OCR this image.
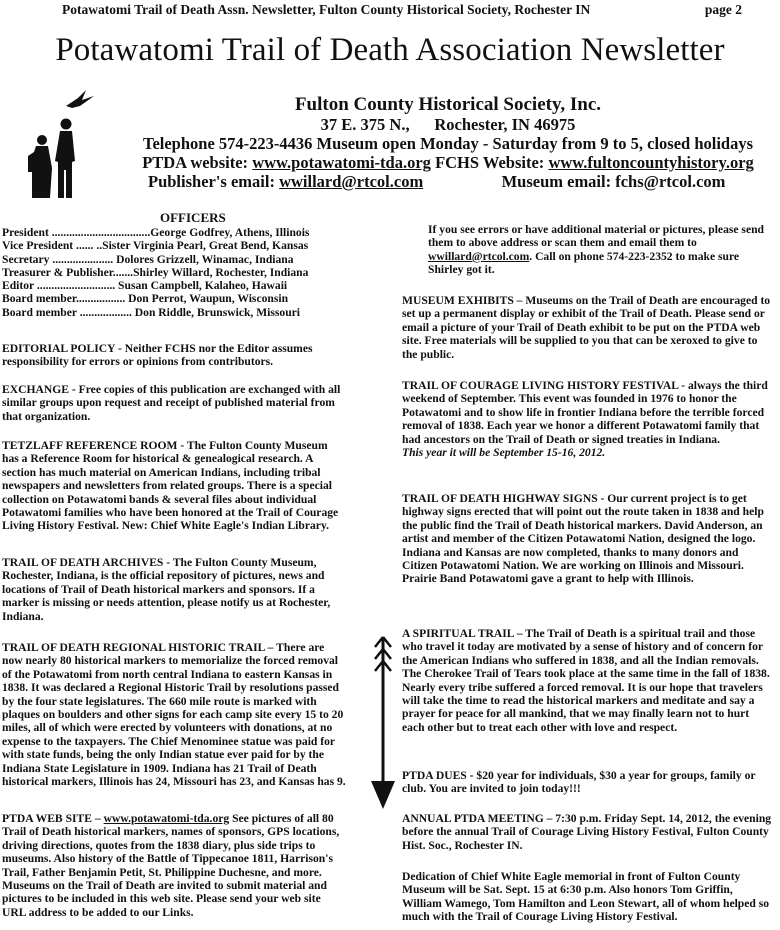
Potawatomi Trail of Death Assn. Newsletter, Fulton County Historical Society, Rochester IN	page 2
Potawatomi Trail of Death Association Newsletter
Fulton County Historical Society, Inc.
37 E. 375 N., Rochester, IN 46975
Telephone 574-223-4436 Museum open Monday - Saturday from 9 to 5, closed holidays
PTDA website: www.potawatomi-tda.org FCHS Website: www.fultoncountyhistory.org
Publisher's email: wwillard@rtcol.com	Museum email: fchs@rtcol.com
OFFICERS
President ..................................George Godfrey, Athens, Illinois
Vice President ...... ..Sister Virginia Pearl, Great Bend, Kansas
Secretary ..................... Dolores Grizzell, Winamac, Indiana
Treasurer & Publisher.......Shirley Willard, Rochester, Indiana
Editor ........................... Susan Campbell, Kalaheo, Hawaii
Board member................. Don Perrot, Waupun, Wisconsin
Board member .................. Don Riddle, Brunswick, Missouri
EDITORIAL POLICY - Neither FCHS nor the Editor assumes responsibility for errors or opinions from contributors.
EXCHANGE - Free copies of this publication are exchanged with all similar groups upon request and receipt of published material from that organization.
TETZLAFF REFERENCE ROOM - The Fulton County Museum has a Reference Room for historical & genealogical research. A section has much material on American Indians, including tribal newspapers and newsletters from related groups. There is a special collection on Potawatomi bands & several files about individual Potawatomi families who have been honored at the Trail of Courage Living History Festival. New: Chief White Eagle's Indian Library.
TRAIL OF DEATH ARCHIVES - The Fulton County Museum, Rochester, Indiana, is the official repository of pictures, news and locations of Trail of Death historical markers and sponsors. If a marker is missing or needs attention, please notify us at Rochester, Indiana.
TRAIL OF DEATH REGIONAL HISTORIC TRAIL – There are now nearly 80 historical markers to memorialize the forced removal of the Potawatomi from north central Indiana to eastern Kansas in 1838. It was declared a Regional Historic Trail by resolutions passed by the four state legislatures. The 660 mile route is marked with plaques on boulders and other signs for each camp site every 15 to 20 miles, all of which were erected by volunteers with donations, at no expense to the taxpayers. The Chief Menominee statue was paid for with state funds, being the only Indian statue ever paid for by the Indiana State Legislature in 1909. Indiana has 21 Trail of Death historical markers, Illinois has 24, Missouri has 23, and Kansas has 9.
PTDA WEB SITE – www.potawatomi-tda.org See pictures of all 80 Trail of Death historical markers, names of sponsors, GPS locations, driving directions, quotes from the 1838 diary, plus side trips to museums. Also history of the Battle of Tippecanoe 1811, Harrison's Trail, Father Benjamin Petit, St. Philippine Duchesne, and more. Museums on the Trail of Death are invited to submit material and pictures to be included in this web site. Please send your web site URL address to be added to our Links.
If you see errors or have additional material or pictures, please send them to above address or scan them and email them to wwillard@rtcol.com. Call on phone 574-223-2352 to make sure Shirley got it.
MUSEUM EXHIBITS – Museums on the Trail of Death are encouraged to set up a permanent display or exhibit of the Trail of Death. Please send or email a picture of your Trail of Death exhibit to be put on the PTDA web site. Free materials will be supplied to you that can be xeroxed to give to the public.

TRAIL OF COURAGE LIVING HISTORY FESTIVAL - always the third weekend of September. This event was founded in 1976 to honor the Potawatomi and to show life in frontier Indiana before the terrible forced removal of 1838. Each year we honor a different Potawatomi family that had ancestors on the Trail of Death or signed treaties in Indiana.

This year it will be September 15-16, 2012.

TRAIL OF DEATH HIGHWAY SIGNS - Our current project is to get highway signs erected that will point out the route taken in 1838 and help the public find the Trail of Death historical markers. David Anderson, an artist and member of the Citizen Potawatomi Nation, designed the logo. Indiana and Kansas are now completed, thanks to many donors and Citizen Potawatomi Nation. We are working on Illinois and Missouri. Prairie Band Potawatomi gave a grant to help with Illinois.
A SPIRITUAL TRAIL – The Trail of Death is a spiritual trail and those who travel it today are motivated by a sense of history and of concern for the American Indians who suffered in 1838, and all the Indian removals. The Cherokee Trail of Tears took place at the same time in the fall of 1838. Nearly every tribe suffered a forced removal. It is our hope that travelers will take the time to read the historical markers and meditate and say a prayer for peace for all mankind, that we may finally learn not to hurt each other but to treat each other with love and respect.
PTDA DUES - $20 year for individuals, $30 a year for groups, family or club. You are invited to join today!!!
ANNUAL PTDA MEETING – 7:30 p.m. Friday Sept. 14, 2012, the evening before the annual Trail of Courage Living History Festival, Fulton County Hist. Soc., Rochester IN.
Dedication of Chief White Eagle memorial in front of Fulton County Museum will be Sat. Sept. 15 at 6:30 p.m. Also honors Tom Griffin, William Wamego, Tom Hamilton and Leon Stewart, all of whom helped so much with the Trail of Courage Living History Festival.
